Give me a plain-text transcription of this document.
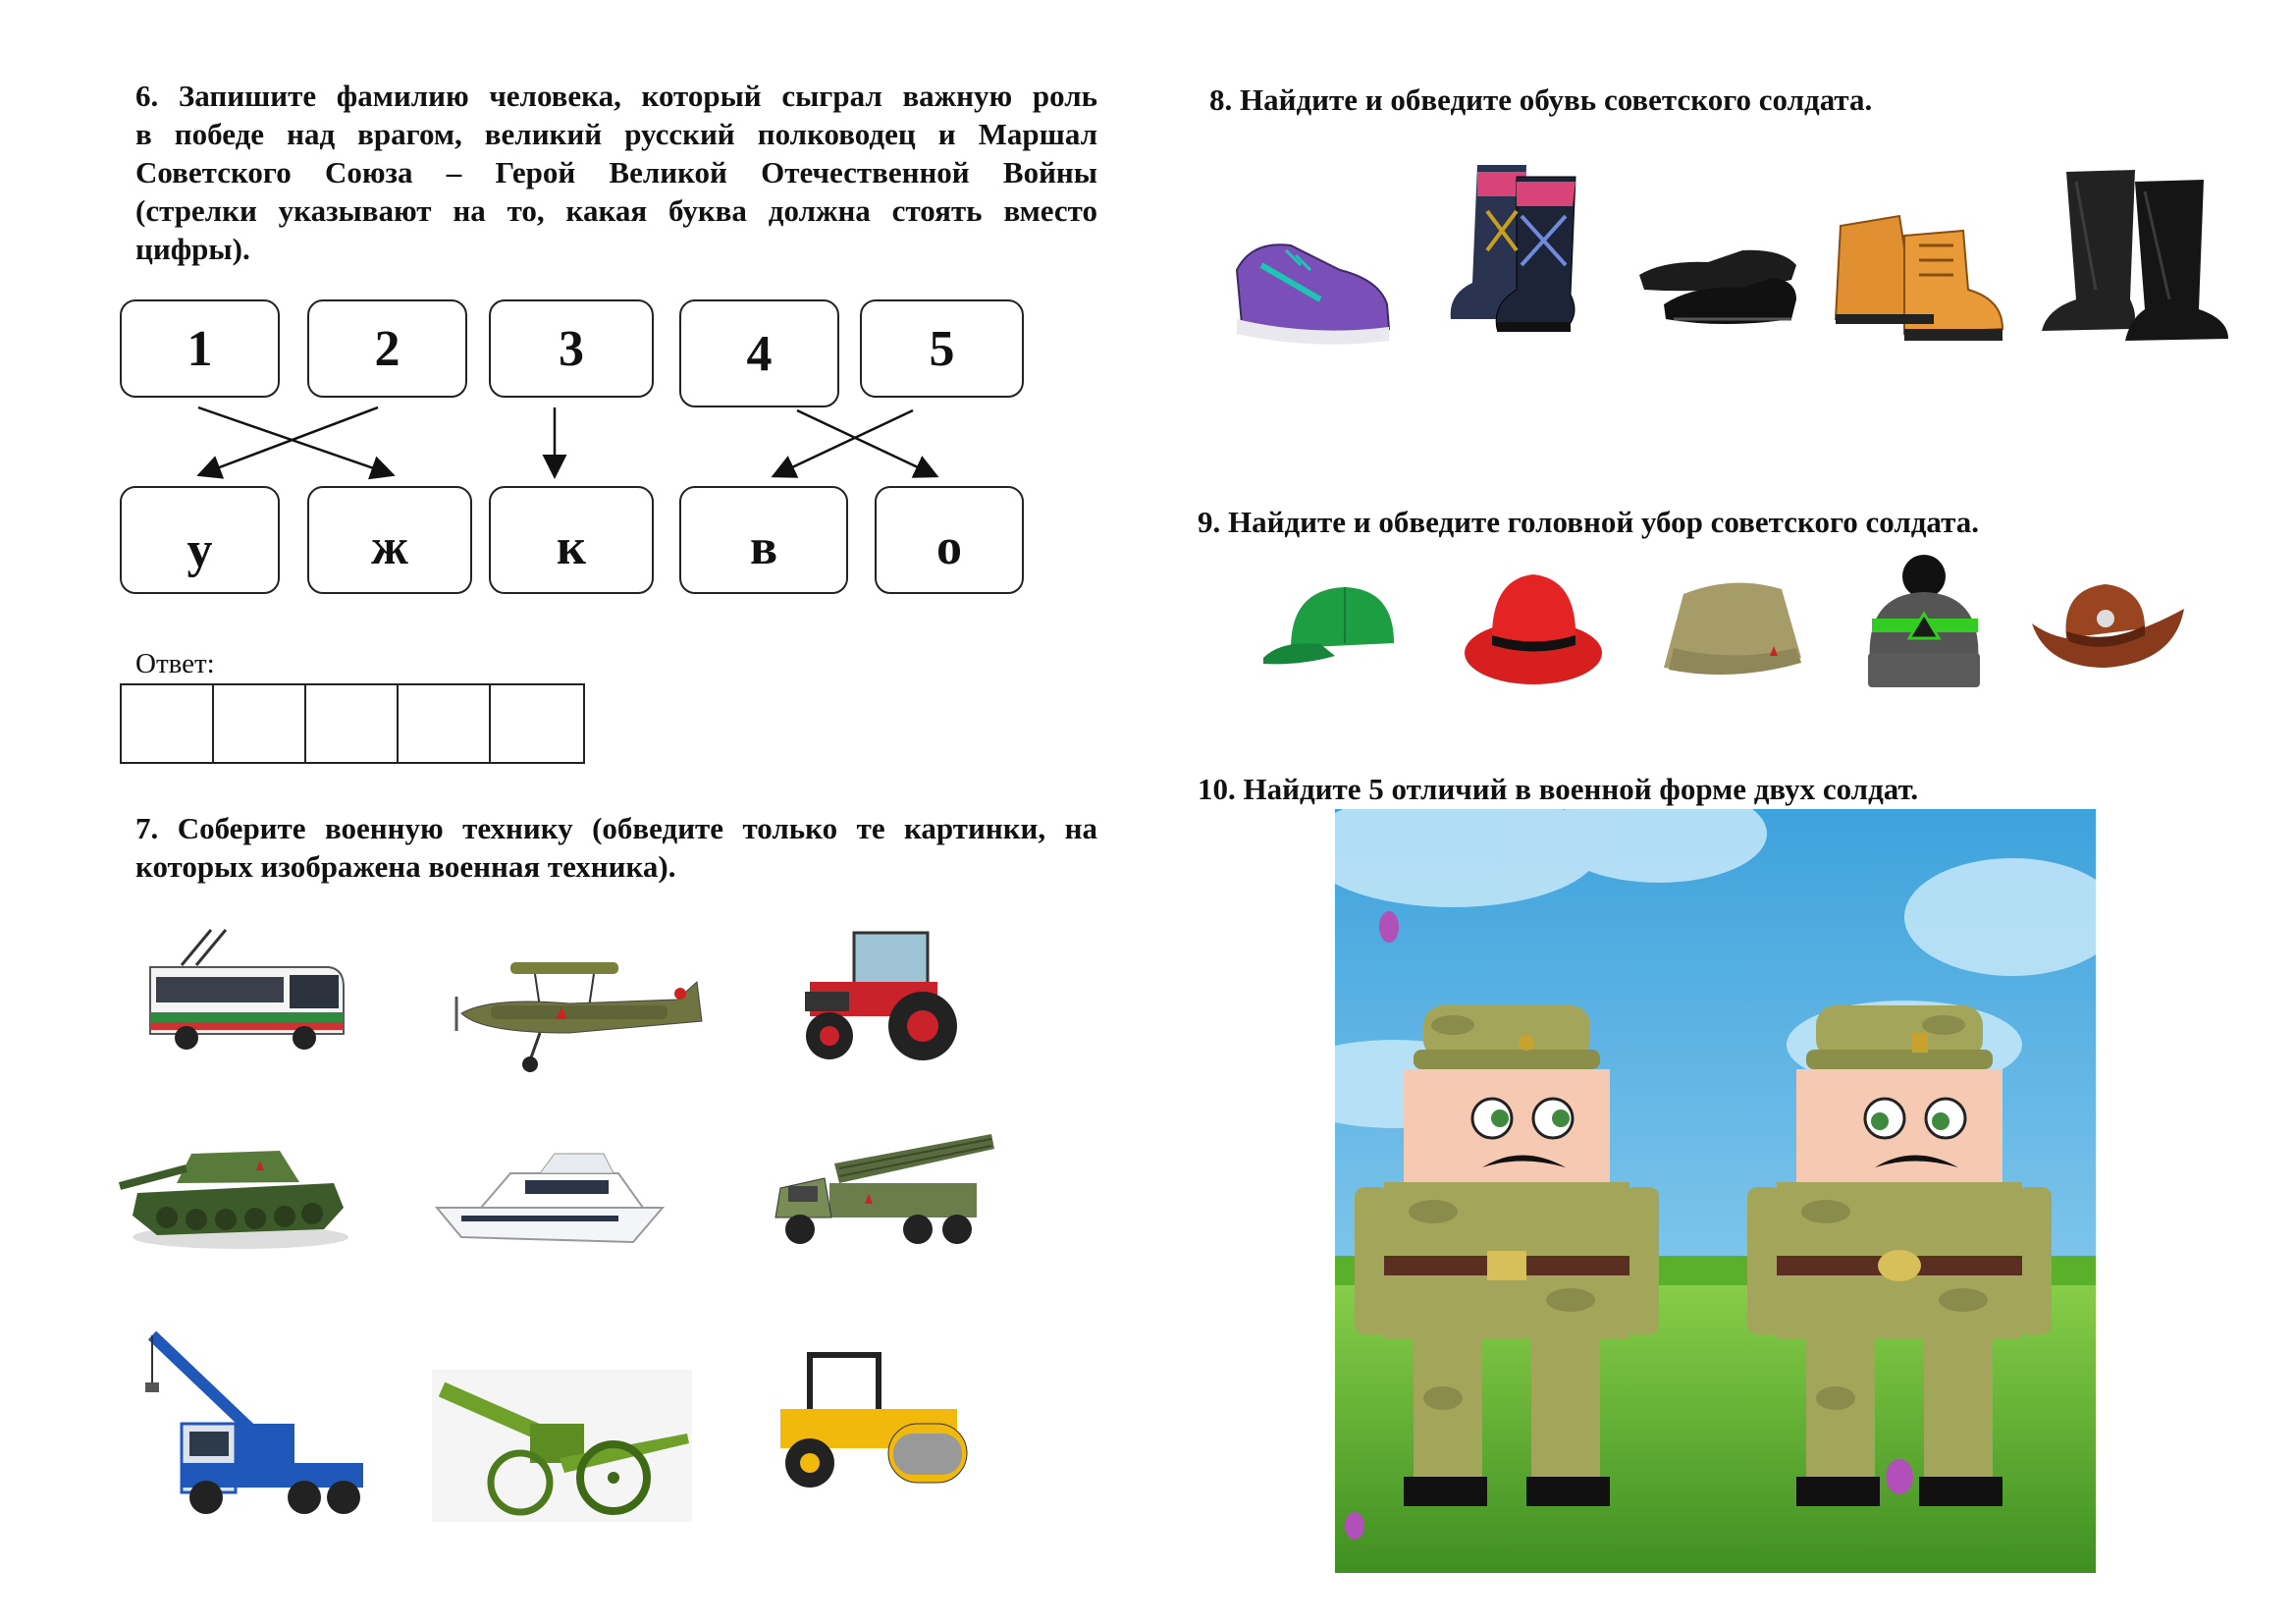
6. Запишите фамилию человека, который сыграл важную роль
в победе над врагом, великий русский полководец и Маршал
Советского Союза – Герой Великой Отечественной Войны
(стрелки указывают на то, какая буква должна стоять вместо
цифры).
1	2	3	4	5
у	ж	к	в	о
Ответ:
7. Соберите военную технику (обведите только те картинки, на
которых изображена военная техника).
8. Найдите и обведите обувь советского солдата.
9. Найдите и обведите головной убор советского солдата.
10. Найдите 5 отличий в военной форме двух солдат.
